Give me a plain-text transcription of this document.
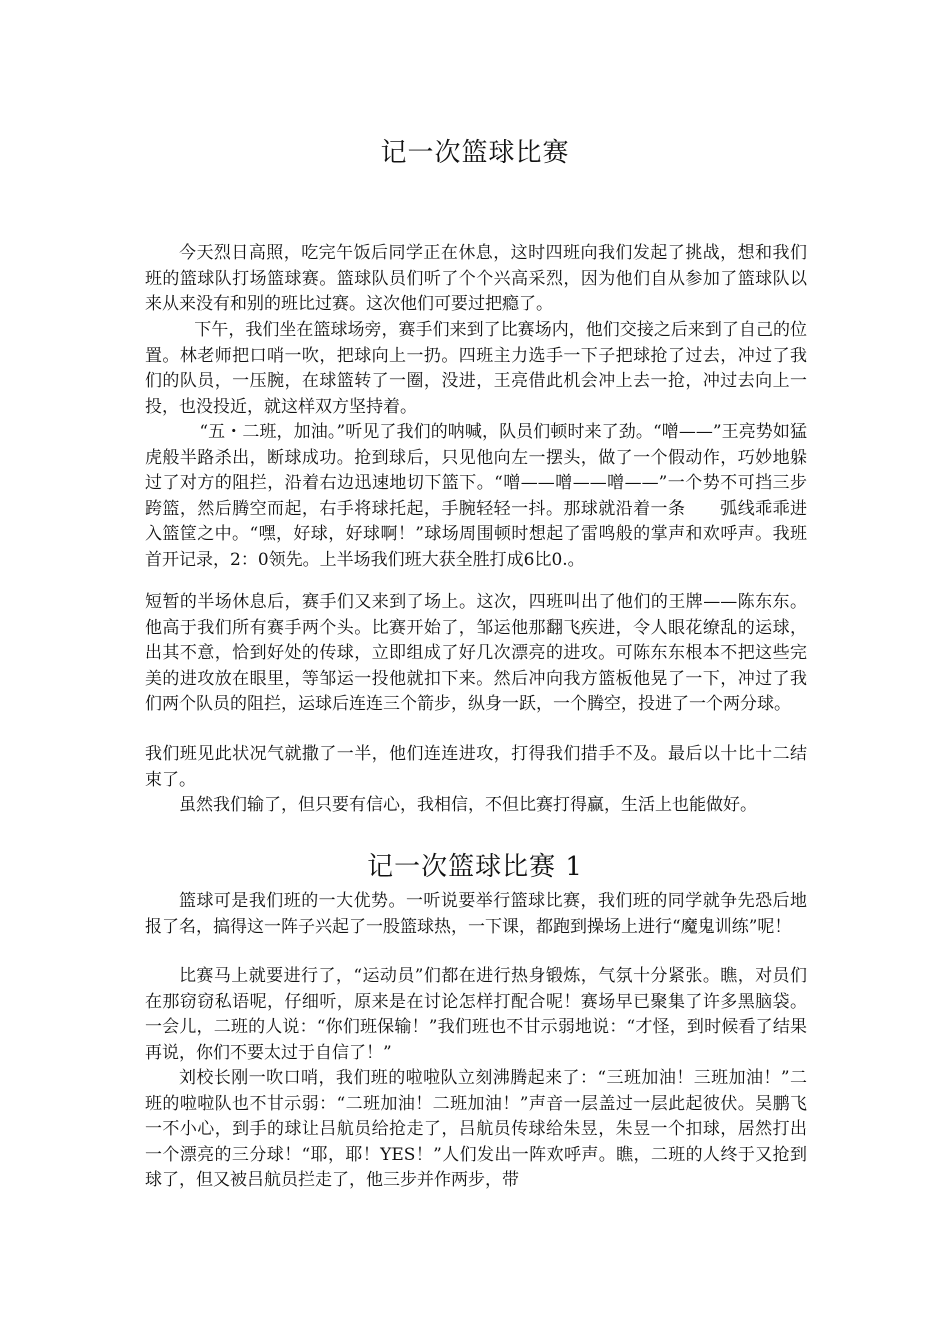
记一次篮球比赛

今天烈日高照，吃完午饭后同学正在休息，这时四班向我们发起了挑战，想和我们班的篮球队打场篮球赛。篮球队员们听了个个兴高采烈，因为他们自从参加了篮球队以来从来没有和别的班比过赛。这次他们可要过把瘾了。

下午，我们坐在篮球场旁，赛手们来到了比赛场内，他们交接之后来到了自己的位置。林老师把口哨一吹，把球向上一扔。四班主力选手一下子把球抢了过去，冲过了我们的队员，一压腕，在球篮转了一圈，没进，王亮借此机会冲上去一抢，冲过去向上一投，也没投近，就这样双方坚持着。

“五・二班，加油。”听见了我们的呐喊，队员们顿时来了劲。“噌——”王亮势如猛虎般半路杀出，断球成功。抢到球后，只见他向左一摆头，做了一个假动作，巧妙地躲过了对方的阻拦，沿着右边迅速地切下篮下。“噌——噌——噌——”一个势不可挡三步跨篮，然后腾空而起，右手将球托起，手腕轻轻一抖。那球就沿着一条　　弧线乖乖进入篮筐之中。“嘿，好球，好球啊！”球场周围顿时想起了雷鸣般的掌声和欢呼声。我班首开记录，2：0领先。上半场我们班大获全胜打成6比0.。

短暂的半场休息后，赛手们又来到了场上。这次，四班叫出了他们的王牌——陈东东。他高于我们所有赛手两个头。比赛开始了，邹运他那翻飞疾进，令人眼花缭乱的运球，出其不意，恰到好处的传球，立即组成了好几次漂亮的进攻。可陈东东根本不把这些完美的进攻放在眼里，等邹运一投他就扣下来。然后冲向我方篮板他晃了一下，冲过了我们两个队员的阻拦，运球后连连三个箭步，纵身一跃，一个腾空，投进了一个两分球。

我们班见此状况气就撒了一半，他们连连进攻，打得我们措手不及。最后以十比十二结束了。

虽然我们输了，但只要有信心，我相信，不但比赛打得赢，生活上也能做好。

记一次篮球比赛 1

篮球可是我们班的一大优势。一听说要举行篮球比赛，我们班的同学就争先恐后地报了名，搞得这一阵子兴起了一股篮球热，一下课，都跑到操场上进行“魔鬼训练”呢！

比赛马上就要进行了，“运动员”们都在进行热身锻炼，气氛十分紧张。瞧，对员们在那窃窃私语呢，仔细听，原来是在讨论怎样打配合呢！赛场早已聚集了许多黑脑袋。一会儿，二班的人说：“你们班保输！”我们班也不甘示弱地说：“才怪，到时候看了结果再说，你们不要太过于自信了！”

刘校长刚一吹口哨，我们班的啦啦队立刻沸腾起来了：“三班加油！三班加油！”二班的啦啦队也不甘示弱：“二班加油！二班加油！”声音一层盖过一层此起彼伏。吴鹏飞一不小心，到手的球让吕航员给抢走了，吕航员传球给朱昱，朱昱一个扣球，居然打出一个漂亮的三分球！“耶，耶！YES！”人们发出一阵欢呼声。瞧，二班的人终于又抢到球了，但又被吕航员拦走了，他三步并作两步，带
